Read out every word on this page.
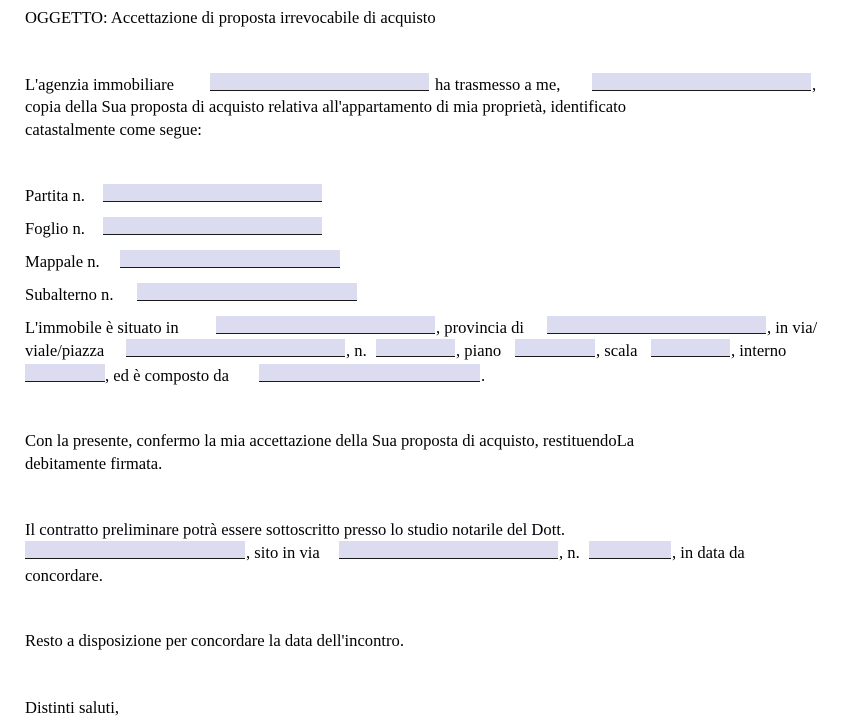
OGGETTO: Accettazione di proposta irrevocabile di acquisto
L'agenzia immobiliare	ha trasmesso a me,	,
copia della Sua proposta di acquisto relativa all'appartamento di mia proprietà, identificato
catastalmente come segue:
Partita n.
Foglio n.
Mappale n.
Subalterno n.
L'immobile è situato in	, provincia di	, in via/
viale/piazza	, n.	, piano	, scala	, interno
, ed è composto da	.
Con la presente, confermo la mia accettazione della Sua proposta di acquisto, restituendoLa
debitamente firmata.
Il contratto preliminare potrà essere sottoscritto presso lo studio notarile del Dott.
, sito in via	, n.	, in data da
concordare.
Resto a disposizione per concordare la data dell'incontro.
Distinti saluti,
